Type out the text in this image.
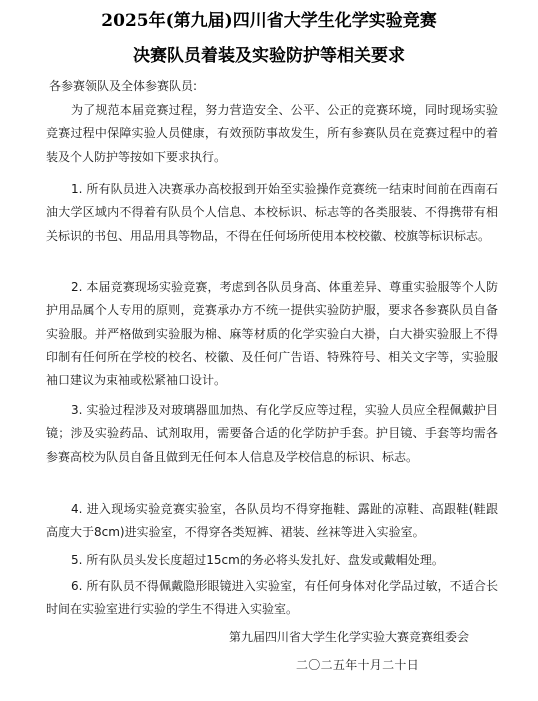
2025年(第九届)四川省大学生化学实验竞赛
决赛队员着装及实验防护等相关要求
各参赛领队及全体参赛队员:

为了规范本届竞赛过程，努力营造安全、公平、公正的竞赛环境，同时现场实验竞赛过程中保障实验人员健康，有效预防事故发生，所有参赛队员在竞赛过程中的着装及个人防护等按如下要求执行。

1. 所有队员进入决赛承办高校报到开始至实验操作竞赛统一结束时间前在西南石油大学区域内不得着有队员个人信息、本校标识、标志等的各类服装、不得携带有相关标识的书包、用品用具等物品，不得在任何场所使用本校校徽、校旗等标识标志。

2. 本届竞赛现场实验竞赛，考虑到各队员身高、体重差异、尊重实验服等个人防护用品属个人专用的原则，竞赛承办方不统一提供实验防护服，要求各参赛队员自备实验服。并严格做到实验服为棉、麻等材质的化学实验白大褂，白大褂实验服上不得印制有任何所在学校的校名、校徽、及任何广告语、特殊符号、相关文字等，实验服袖口建议为束袖或松紧袖口设计。

3. 实验过程涉及对玻璃器皿加热、有化学反应等过程，实验人员应全程佩戴护目镜；涉及实验药品、试剂取用，需要备合适的化学防护手套。护目镜、手套等均需各参赛高校为队员自备且做到无任何本人信息及学校信息的标识、标志。

4. 进入现场实验竞赛实验室，各队员均不得穿拖鞋、露趾的凉鞋、高跟鞋(鞋跟高度大于8cm)进实验室，不得穿各类短裤、裙装、丝袜等进入实验室。

5. 所有队员头发长度超过15cm的务必将头发扎好、盘发或戴帽处理。

6. 所有队员不得佩戴隐形眼镜进入实验室，有任何身体对化学品过敏，不适合长时间在实验室进行实验的学生不得进入实验室。

第九届四川省大学生化学实验大赛竞赛组委会
二〇二五年十月二十日
